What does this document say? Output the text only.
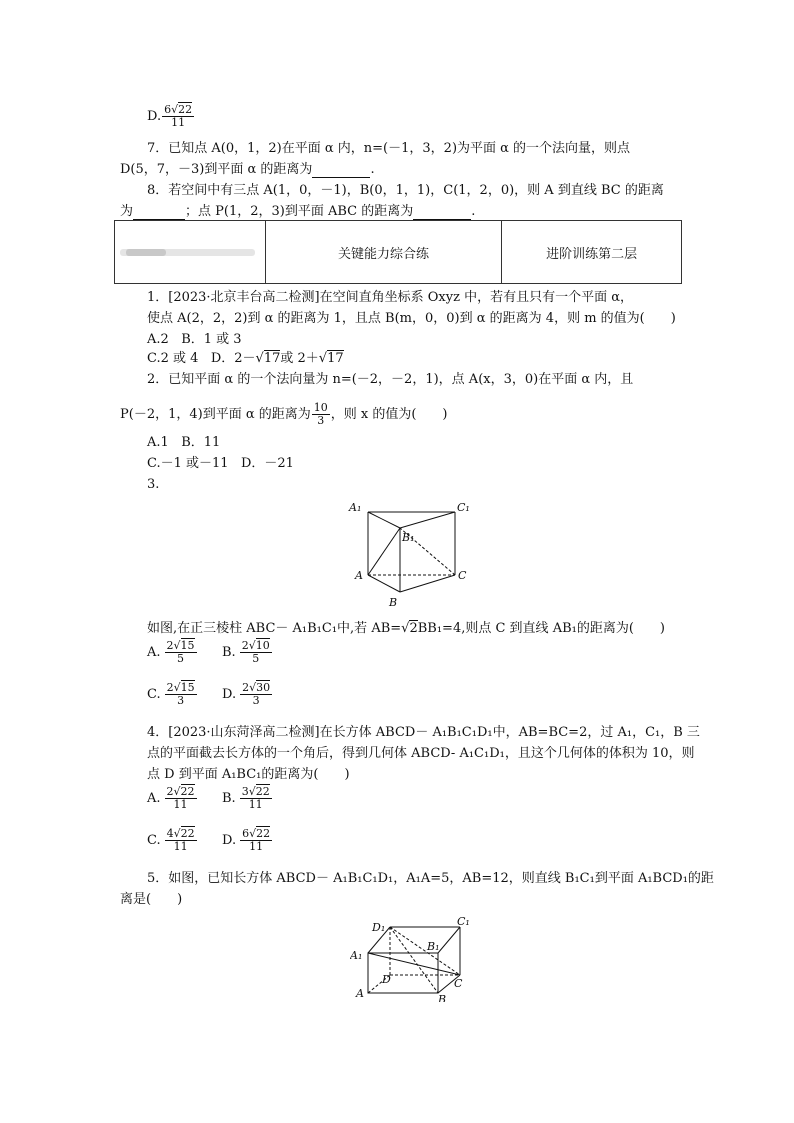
D. $\frac{6√22}{11}$
7．已知点 A(0，1，2)在平面 α 内，n=(－1，3，2)为平面 α 的一个法向量，则点
D(5，7，－3)到平面 α 的距离为	.
8．若空间中有三点 A(1，0，－1)，B(0，1，1)，C(1，2，0)，则 A 到直线 BC 的距离
为	；点 P(1，2，3)到平面 ABC 的距离为	.
	关键能力综合练	进阶训练第二层
1．[2023·北京丰台高二检测]在空间直角坐标系 Oxyz 中，若有且只有一个平面 α，
使点 A(2，2，2)到 α 的距离为 1，且点 B(m，0，0)到 α 的距离为 4，则 m 的值为(　　)
A.2 B．1 或 3
C.2 或 4 D．2－√17或 2＋√17
2．已知平面 α 的一个法向量为 n=(－2，－2，1)，点 A(x，3，0)在平面 α 内，且
P(－2，1，4)到平面 α 的距离为 $\frac{10}{3}$ ，则 x 的值为(　　)
A.1 B．11
C.－1 或－11 D．－21
3.
A₁	C₁
B₁
A	C
B
如图,在正三棱柱 ABC－ A₁B₁C₁中,若 AB=√2BB₁=4,则点 C 到直线 AB₁的距离为(　　)
A. $\frac{2√15}{5} B$. $\frac{2√10}{5}$
C. $\frac{2√15}{3} D$. $\frac{2√30}{3}$
4．[2023·山东菏泽高二检测]在长方体 ABCD－ A₁B₁C₁D₁中，AB=BC=2，过 A₁，C₁，B 三
点的平面截去长方体的一个角后，得到几何体 ABCD- A₁C₁D₁，且这个几何体的体积为 10，则
点 D 到平面 A₁BC₁的距离为(　　)
A. $\frac{2√22}{11} B$. $\frac{3√22}{11}$
C. $\frac{4√22}{11} D$. $\frac{6√22}{11}$
5．如图，已知长方体 ABCD－ A₁B₁C₁D₁，A₁A=5，AB=12，则直线 B₁C₁到平面 A₁BCD₁的距
离是(　　)
D₁	C₁
B₁
A₁
D	C
A	B
